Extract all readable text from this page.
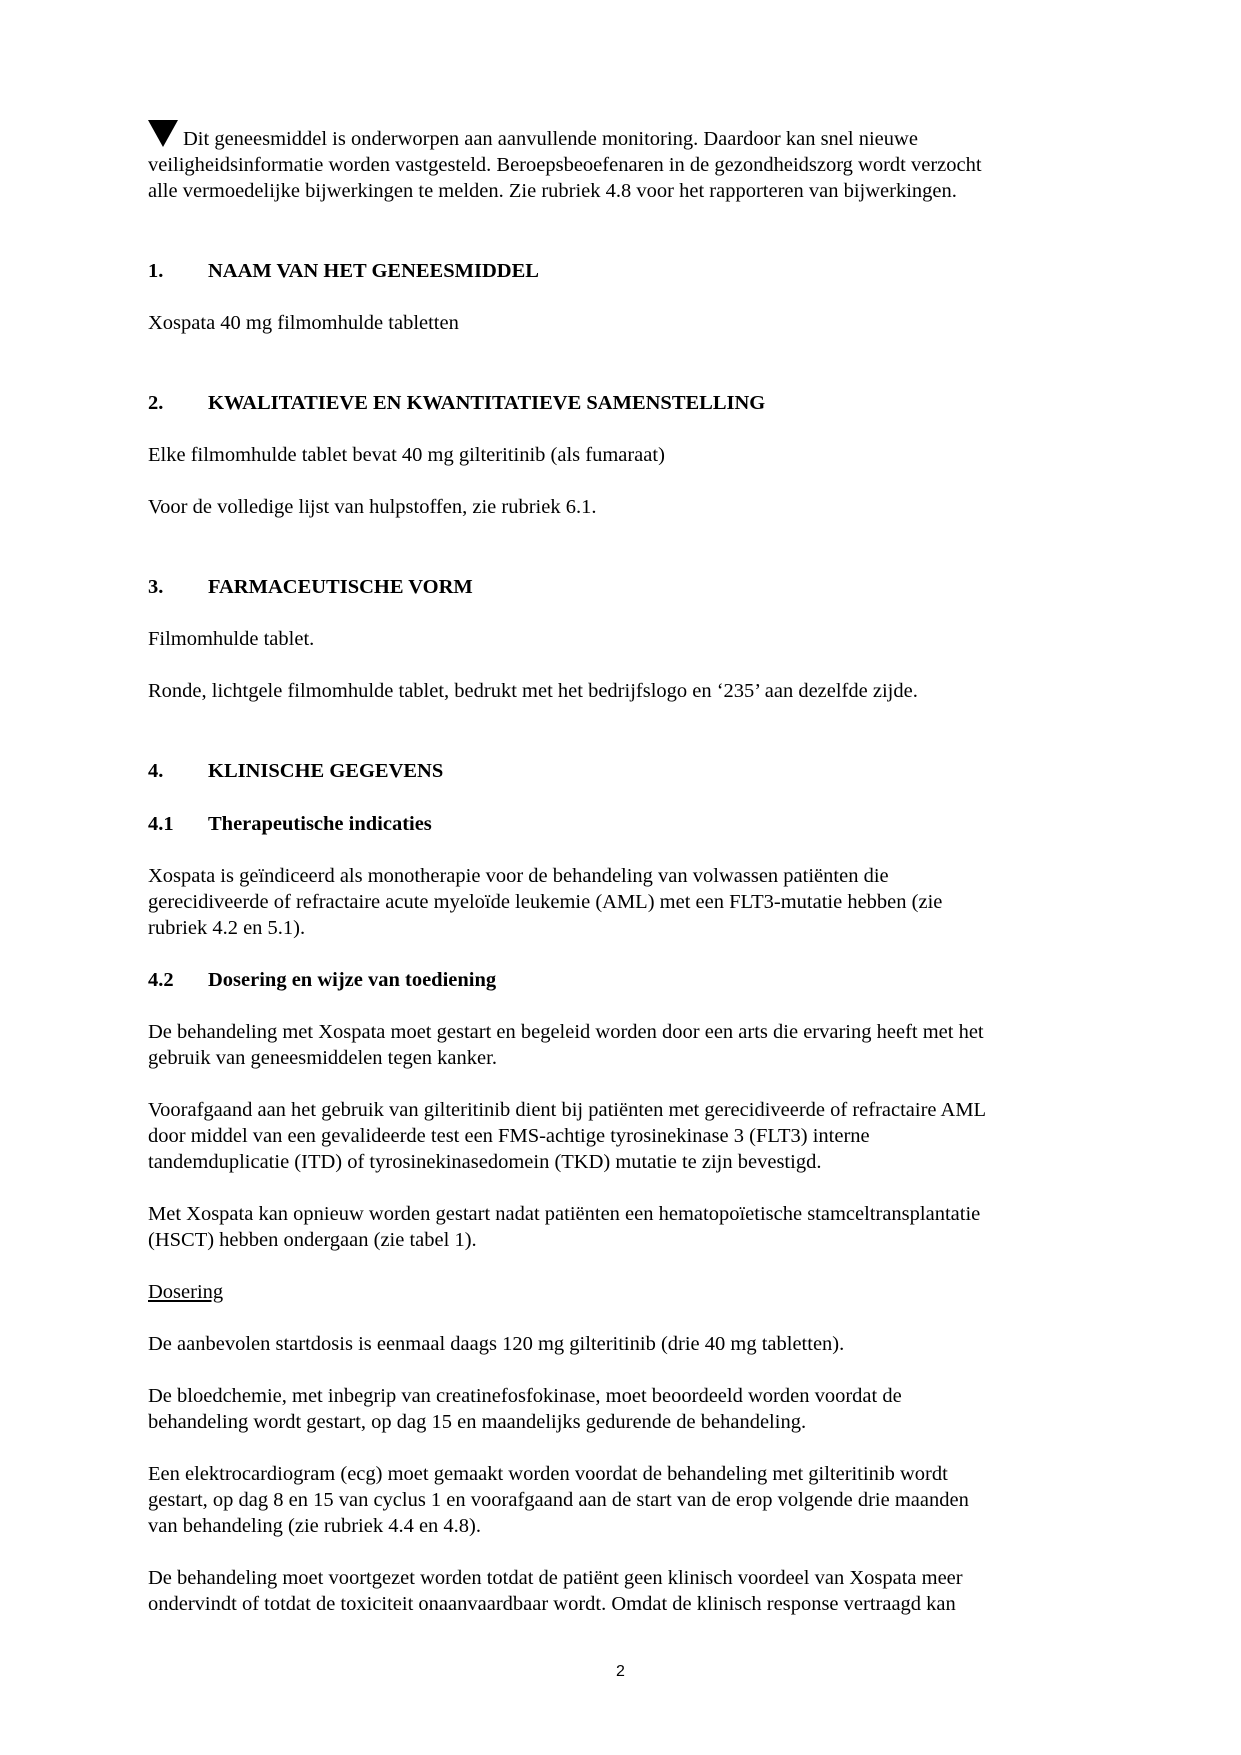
Dit geneesmiddel is onderworpen aan aanvullende monitoring. Daardoor kan snel nieuwe
veiligheidsinformatie worden vastgesteld. Beroepsbeoefenaren in de gezondheidszorg wordt verzocht
alle vermoedelijke bijwerkingen te melden. Zie rubriek 4.8 voor het rapporteren van bijwerkingen.
1. NAAM VAN HET GENEESMIDDEL
Xospata 40 mg filmomhulde tabletten
2. KWALITATIEVE EN KWANTITATIEVE SAMENSTELLING
Elke filmomhulde tablet bevat 40 mg gilteritinib (als fumaraat)
Voor de volledige lijst van hulpstoffen, zie rubriek 6.1.
3. FARMACEUTISCHE VORM
Filmomhulde tablet.
Ronde, lichtgele filmomhulde tablet, bedrukt met het bedrijfslogo en ‘235’ aan dezelfde zijde.
4. KLINISCHE GEGEVENS
4.1 Therapeutische indicaties
Xospata is geïndiceerd als monotherapie voor de behandeling van volwassen patiënten die
gerecidiveerde of refractaire acute myeloïde leukemie (AML) met een FLT3-mutatie hebben (zie
rubriek 4.2 en 5.1).
4.2 Dosering en wijze van toediening
De behandeling met Xospata moet gestart en begeleid worden door een arts die ervaring heeft met het
gebruik van geneesmiddelen tegen kanker.
Voorafgaand aan het gebruik van gilteritinib dient bij patiënten met gerecidiveerde of refractaire AML
door middel van een gevalideerde test een FMS-achtige tyrosinekinase 3 (FLT3) interne
tandemduplicatie (ITD) of tyrosinekinasedomein (TKD) mutatie te zijn bevestigd.
Met Xospata kan opnieuw worden gestart nadat patiënten een hematopoïetische stamceltransplantatie
(HSCT) hebben ondergaan (zie tabel 1).
Dosering
De aanbevolen startdosis is eenmaal daags 120 mg gilteritinib (drie 40 mg tabletten).
De bloedchemie, met inbegrip van creatinefosfokinase, moet beoordeeld worden voordat de
behandeling wordt gestart, op dag 15 en maandelijks gedurende de behandeling.
Een elektrocardiogram (ecg) moet gemaakt worden voordat de behandeling met gilteritinib wordt
gestart, op dag 8 en 15 van cyclus 1 en voorafgaand aan de start van de erop volgende drie maanden
van behandeling (zie rubriek 4.4 en 4.8).
De behandeling moet voortgezet worden totdat de patiënt geen klinisch voordeel van Xospata meer
ondervindt of totdat de toxiciteit onaanvaardbaar wordt. Omdat de klinisch response vertraagd kan
2
